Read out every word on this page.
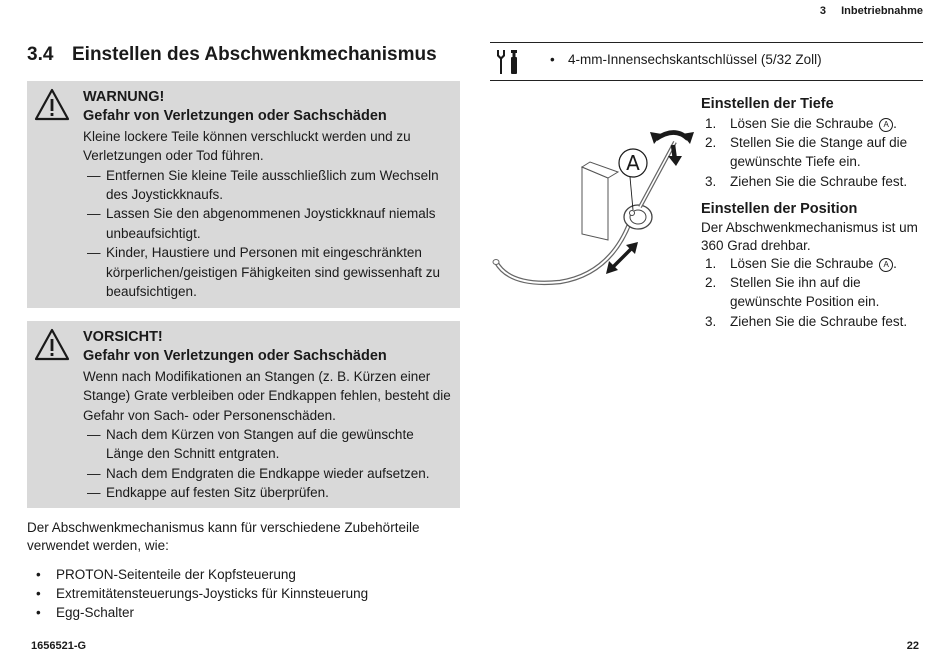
3 Inbetriebnahme
3.4 Einstellen des Abschwenkmechanismus
WARNUNG!
Gefahr von Verletzungen oder Sachschäden
Kleine lockere Teile können verschluckt werden und zu Verletzungen oder Tod führen.
— Entfernen Sie kleine Teile ausschließlich zum Wechseln des Joystickknaufs.
— Lassen Sie den abgenommenen Joystickknauf niemals unbeaufsichtigt.
— Kinder, Haustiere und Personen mit eingeschränkten körperlichen/geistigen Fähigkeiten sind gewissenhaft zu beaufsichtigen.
VORSICHT!
Gefahr von Verletzungen oder Sachschäden
Wenn nach Modifikationen an Stangen (z. B. Kürzen einer Stange) Grate verbleiben oder Endkappen fehlen, besteht die Gefahr von Sach- oder Personenschäden.
— Nach dem Kürzen von Stangen auf die gewünschte Länge den Schnitt entgraten.
— Nach dem Endgraten die Endkappe wieder aufsetzen.
— Endkappe auf festen Sitz überprüfen.
Der Abschwenkmechanismus kann für verschiedene Zubehörteile verwendet werden, wie:
• PROTON-Seitenteile der Kopfsteuerung
• Extremitätensteuerungs-Joysticks für Kinnsteuerung
• Egg-Schalter
• 4-mm-Innensechskantschlüssel (5/32 Zoll)
A
Einstellen der Tiefe
1. Lösen Sie die Schraube A .
2. Stellen Sie die Stange auf die gewünschte Tiefe ein.
3. Ziehen Sie die Schraube fest.
Einstellen der Position
Der Abschwenkmechanismus ist um 360 Grad drehbar.
1. Lösen Sie die Schraube A .
2. Stellen Sie ihn auf die gewünschte Position ein.
3. Ziehen Sie die Schraube fest.
1656521-G	22
